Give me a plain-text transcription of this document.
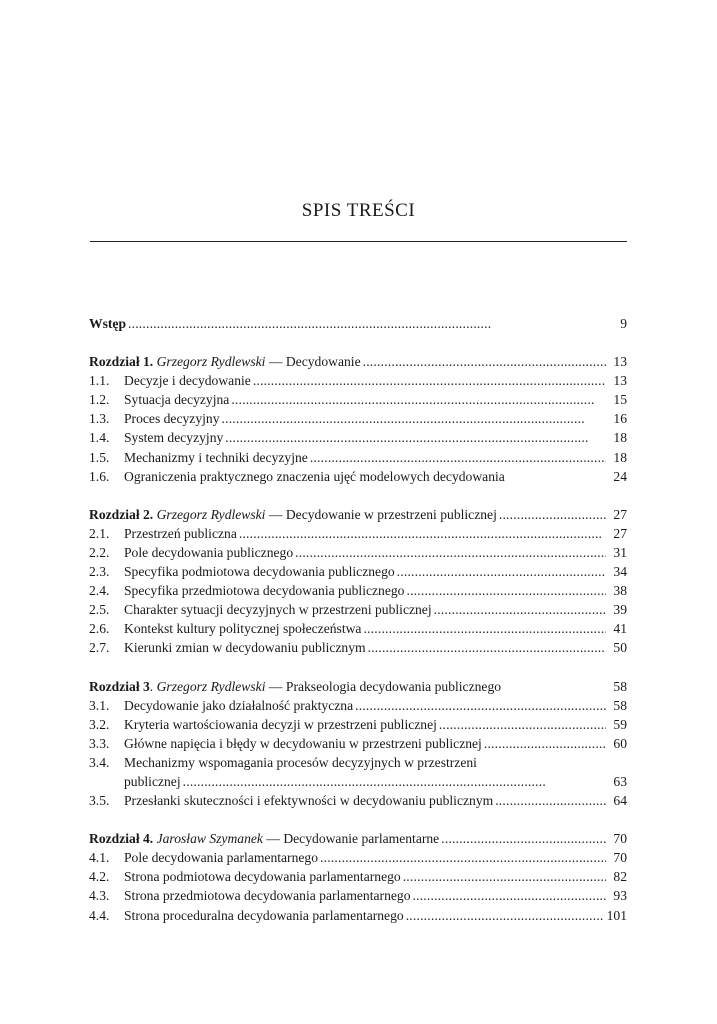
SPIS TREŚCI
Wstęp . . .	9
Rozdział 1. Grzegorz Rydlewski — Decydowanie . . .	13
1.1.	Decyzje i decydowanie . . .	13
1.2.	Sytuacja decyzyjna . . .	15
1.3.	Proces decyzyjny . . .	16
1.4.	System decyzyjny . . .	18
1.5.	Mechanizmy i techniki decyzyjne . . .	18
1.6.	Ograniczenia praktycznego znaczenia ujęć modelowych decydowania	24
Rozdział 2. Grzegorz Rydlewski — Decydowanie w przestrzeni publicznej . . .	27
2.1.	Przestrzeń publiczna . . .	27
2.2.	Pole decydowania publicznego . . .	31
2.3.	Specyfika podmiotowa decydowania publicznego . . .	34
2.4.	Specyfika przedmiotowa decydowania publicznego . . .	38
2.5.	Charakter sytuacji decyzyjnych w przestrzeni publicznej . . .	39
2.6.	Kontekst kultury politycznej społeczeństwa . . .	41
2.7.	Kierunki zmian w decydowaniu publicznym . . .	50
Rozdział 3. Grzegorz Rydlewski — Prakseologia decydowania publicznego	58
3.1.	Decydowanie jako działalność praktyczna . . .	58
3.2.	Kryteria wartościowania decyzji w przestrzeni publicznej . . .	59
3.3.	Główne napięcia i błędy w decydowaniu w przestrzeni publicznej . . .	60
3.4.	Mechanizmy wspomagania procesów decyzyjnych w przestrzeni
publicznej . . .	63
3.5.	Przesłanki skuteczności i efektywności w decydowaniu publicznym . . .	64
Rozdział 4. Jarosław Szymanek — Decydowanie parlamentarne . . .	70
4.1.	Pole decydowania parlamentarnego . . .	70
4.2.	Strona podmiotowa decydowania parlamentarnego . . .	82
4.3.	Strona przedmiotowa decydowania parlamentarnego . . .	93
4.4.	Strona proceduralna decydowania parlamentarnego . . .	101
